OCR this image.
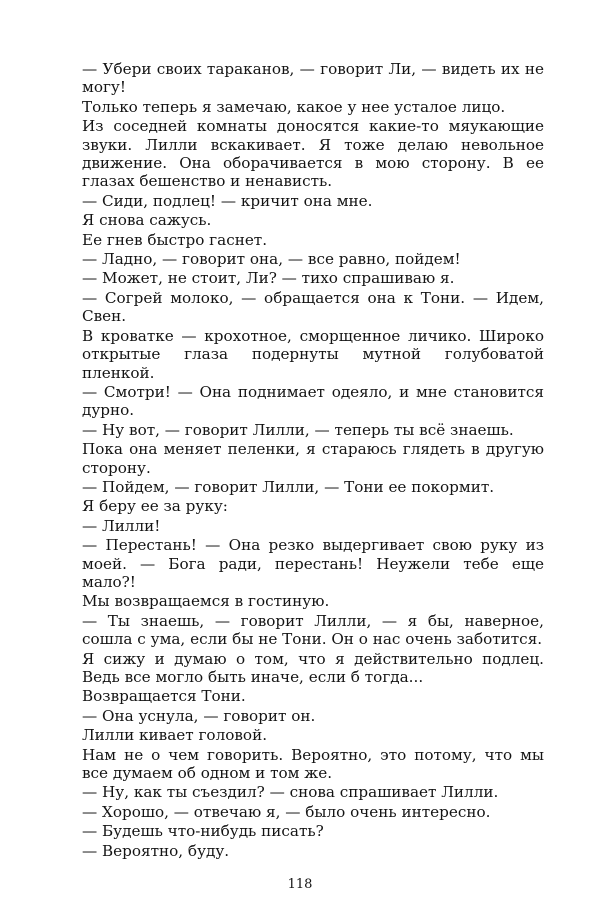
— Убери своих тараканов, — говорит Ли, — видеть их не могу!

Только теперь я замечаю, какое у нее усталое лицо.

Из соседней комнаты доносятся какие-то мяукающие звуки. Лилли вскакивает. Я тоже делаю невольное движение. Она оборачивается в мою сторону. В ее глазах бешенство и ненависть.

— Сиди, подлец! — кричит она мне.

Я снова сажусь.

Ее гнев быстро гаснет.

— Ладно, — говорит она, — все равно, пойдем!

— Может, не стоит, Ли? — тихо спрашиваю я.

— Согрей молоко, — обращается она к Тони. — Идем, Свен.

В кроватке — крохотное, сморщенное личико. Широко открытые глаза подернуты мутной голубоватой пленкой.

— Смотри! — Она поднимает одеяло, и мне становится дурно.

— Ну вот, — говорит Лилли, — теперь ты всё знаешь.

Пока она меняет пеленки, я стараюсь глядеть в другую сторону.

— Пойдем, — говорит Лилли, — Тони ее покормит.

Я беру ее за руку:

— Лилли!

— Перестань! — Она резко выдергивает свою руку из моей. — Бога ради, перестань! Неужели тебе еще мало?!

Мы возвращаемся в гостиную.

— Ты знаешь, — говорит Лилли, — я бы, наверное, сошла с ума, если бы не Тони. Он о нас очень заботится.

Я сижу и думаю о том, что я действительно подлец. Ведь все могло быть иначе, если б тогда...

Возвращается Тони.

— Она уснула, — говорит он.

Лилли кивает головой.

Нам не о чем говорить. Вероятно, это потому, что мы все думаем об одном и том же.

— Ну, как ты съездил? — снова спрашивает Лилли.

— Хорошо, — отвечаю я, — было очень интересно.

— Будешь что-нибудь писать?

— Вероятно, буду.

118
